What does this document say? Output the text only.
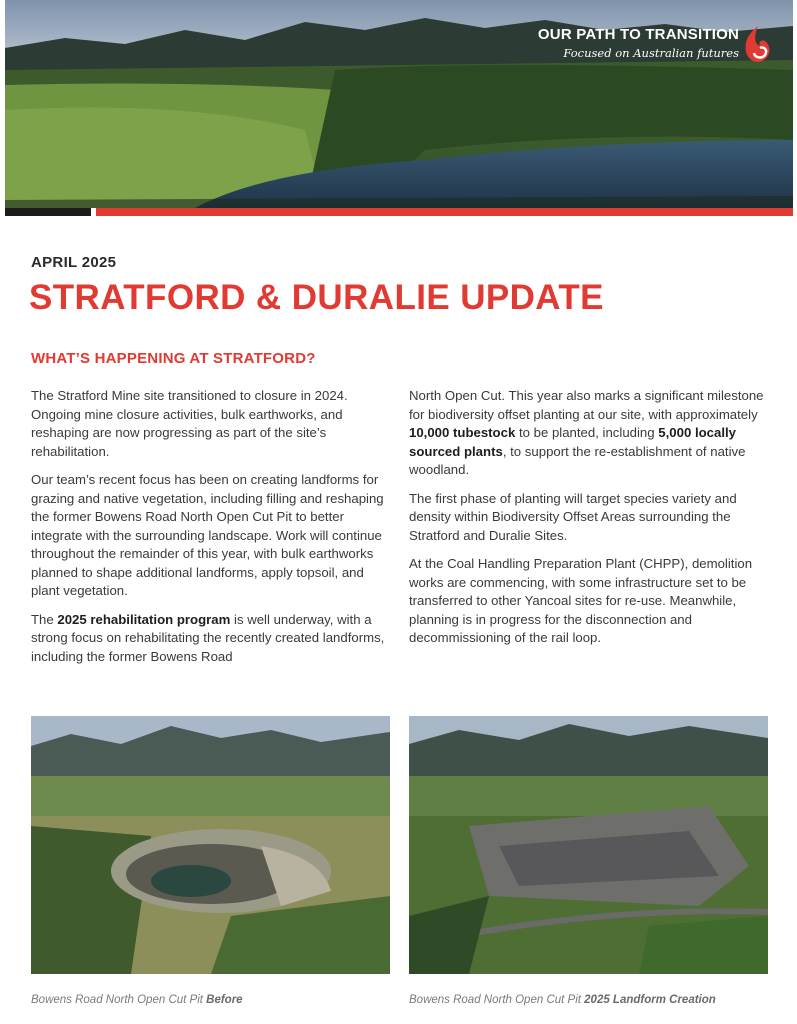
OUR PATH TO TRANSITION
Focused on Australian futures
APRIL 2025
STRATFORD & DURALIE UPDATE
WHAT’S HAPPENING AT STRATFORD?

The Stratford Mine site transitioned to closure in 2024. Ongoing mine closure activities, bulk earthworks, and reshaping are now progressing as part of the site’s rehabilitation.

Our team’s recent focus has been on creating landforms for grazing and native vegetation, including filling and reshaping the former Bowens Road North Open Cut Pit to better integrate with the surrounding landscape. Work will continue throughout the remainder of this year, with bulk earthworks planned to shape additional landforms, apply topsoil, and plant vegetation.

The 2025 rehabilitation program is well underway, with a strong focus on rehabilitating the recently created landforms, including the former Bowens Road

North Open Cut. This year also marks a significant milestone for biodiversity offset planting at our site, with approximately 10,000 tubestock to be planted, including 5,000 locally sourced plants, to support the re-establishment of native woodland.

The first phase of planting will target species variety and density within Biodiversity Offset Areas surrounding the Stratford and Duralie Sites.

At the Coal Handling Preparation Plant (CHPP), demolition works are commencing, with some infrastructure set to be transferred to other Yancoal sites for re-use. Meanwhile, planning is in progress for the disconnection and decommissioning of the rail loop.

Bowens Road North Open Cut Pit Before	Bowens Road North Open Cut Pit 2025 Landform Creation
